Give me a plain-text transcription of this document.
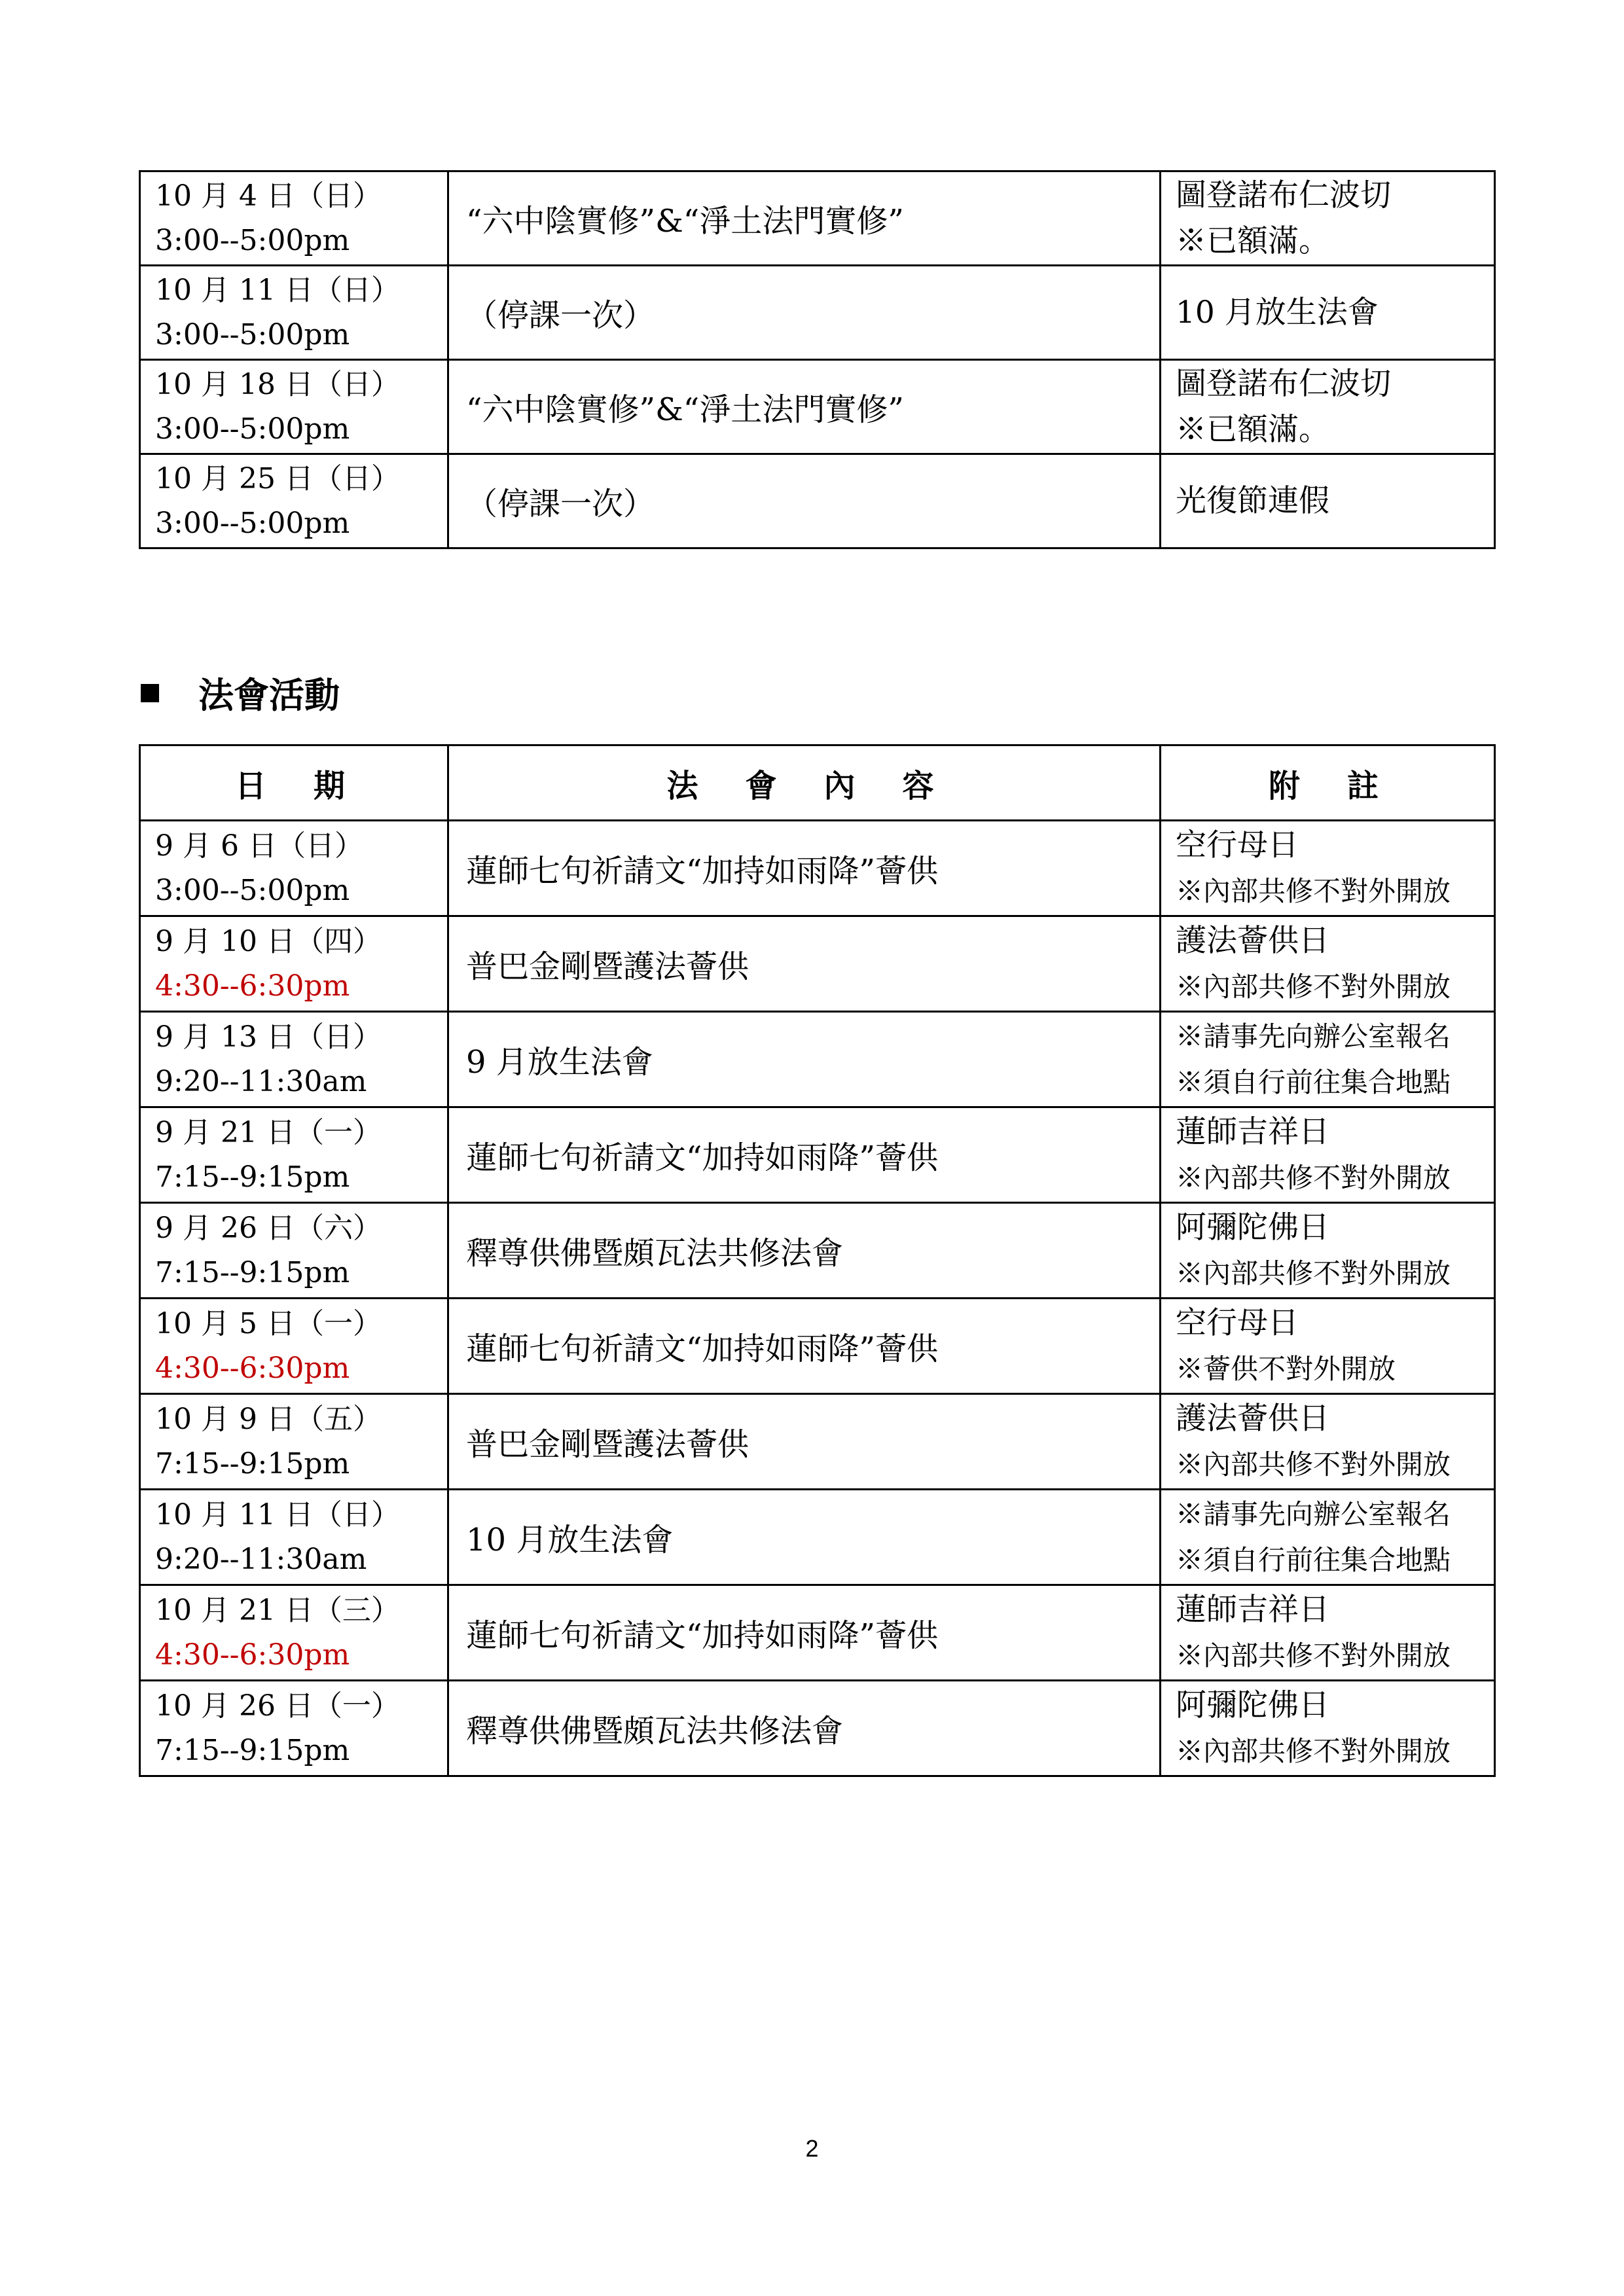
10 月 4 日（日）
3:00--5:00pm	“六中陰實修”&“淨土法門實修”	圖登諾布仁波切
※已額滿。

10 月 11 日（日）
3:00--5:00pm	（停課一次）	10 月放生法會

10 月 18 日（日）
3:00--5:00pm	“六中陰實修”&“淨土法門實修”	圖登諾布仁波切
※已額滿。

10 月 25 日（日）
3:00--5:00pm	（停課一次）	光復節連假
法會活動
日　期	法　會　內　容	附　註

9 月 6 日（日）
3:00--5:00pm	蓮師七句祈請文“加持如雨降”薈供	空行母日
※內部共修不對外開放

9 月 10 日（四）
4:30--6:30pm	普巴金剛暨護法薈供	護法薈供日
※內部共修不對外開放

9 月 13 日（日）
9:20--11:30am	9 月放生法會	※請事先向辦公室報名
※須自行前往集合地點

9 月 21 日（一）
7:15--9:15pm	蓮師七句祈請文“加持如雨降”薈供	蓮師吉祥日
※內部共修不對外開放

9 月 26 日（六）
7:15--9:15pm	釋尊供佛暨頗瓦法共修法會	阿彌陀佛日
※內部共修不對外開放

10 月 5 日（一）
4:30--6:30pm	蓮師七句祈請文“加持如雨降”薈供	空行母日
※薈供不對外開放

10 月 9 日（五）
7:15--9:15pm	普巴金剛暨護法薈供	護法薈供日
※內部共修不對外開放

10 月 11 日（日）
9:20--11:30am	10 月放生法會	※請事先向辦公室報名
※須自行前往集合地點

10 月 21 日（三）
4:30--6:30pm	蓮師七句祈請文“加持如雨降”薈供	蓮師吉祥日
※內部共修不對外開放

10 月 26 日（一）
7:15--9:15pm	釋尊供佛暨頗瓦法共修法會	阿彌陀佛日
※內部共修不對外開放
2
